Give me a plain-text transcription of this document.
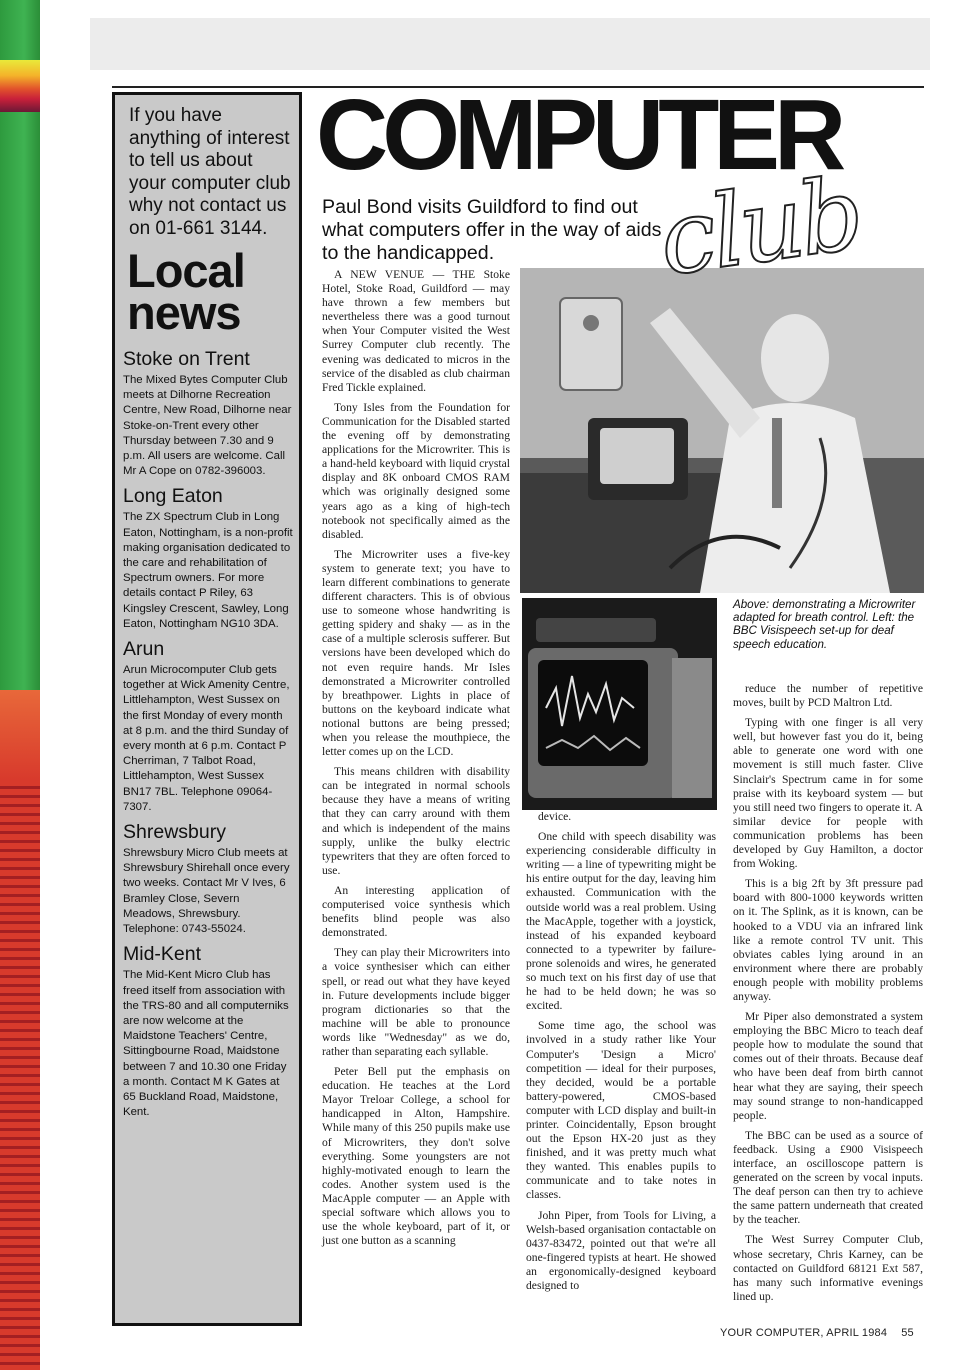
If you have anything of interest to tell us about your computer club why not contact us on 01-661 3144.
Local
news
Stoke on Trent
The Mixed Bytes Computer Club meets at Dilhorne Recreation Centre, New Road, Dilhorne near Stoke-on-Trent every other Thursday between 7.30 and 9 p.m. All users are welcome. Call Mr A Cope on 0782-396003.
Long Eaton
The ZX Spectrum Club in Long Eaton, Nottingham, is a non-profit making organisation dedicated to the care and rehabilitation of Spectrum owners. For more details contact P Riley, 63 Kingsley Crescent, Sawley, Long Eaton, Nottingham NG10 3DA.
Arun
Arun Microcomputer Club gets together at Wick Amenity Centre, Littlehampton, West Sussex on the first Monday of every month at 8 p.m. and the third Sunday of every month at 6 p.m. Contact P Cherriman, 7 Talbot Road, Littlehampton, West Sussex BN17 7BL. Telephone 09064-7307.
Shrewsbury
Shrewsbury Micro Club meets at Shrewsbury Shirehall once every two weeks. Contact Mr V Ives, 6 Bramley Close, Severn Meadows, Shrewsbury. Telephone: 0743-55024.
Mid-Kent
The Mid-Kent Micro Club has freed itself from association with the TRS-80 and all computerniks are now welcome at the Maidstone Teachers' Centre, Sittingbourne Road, Maidstone between 7 and 10.30 one Friday a month. Contact M K Gates at 65 Buckland Road, Maidstone, Kent.
COMPUTER
Paul Bond visits Guildford to find out what computers offer in the way of aids to the handicapped.	club
Above: demonstrating a Microwriter adapted for breath control. Left: the BBC Visispeech set-up for deaf speech education.

A NEW VENUE — THE Stoke Hotel, Stoke Road, Guildford — may have thrown a few members but nevertheless there was a good turnout when Your Computer visited the West Surrey Computer club recently. The evening was dedicated to micros in the service of the disabled as club chairman Fred Tickle explained.

Tony Isles from the Foundation for Communication for the Disabled started the evening off by demonstrating applications for the Microwriter. This is a hand-held keyboard with liquid crystal display and 8K onboard CMOS RAM which was originally designed some years ago as a king of high-tech notebook not specifically aimed as the disabled.

The Microwriter uses a five-key system to generate text; you have to learn different combinations to generate different characters. This is of obvious use to someone whose handwriting is getting spidery and shaky — as in the case of a multiple sclerosis sufferer. But versions have been developed which do not even require hands. Mr Isles demonstrated a Microwriter controlled by breathpower. Lights in place of buttons on the keyboard indicate what notional buttons are being pressed; when you release the mouthpiece, the letter comes up on the LCD.

This means children with disability can be integrated in normal schools because they have a means of writing that they can carry around with them and which is independent of the mains supply, unlike the bulky electric typewriters that they are often forced to use.

An interesting application of computerised voice synthesis which benefits blind people was also demonstrated.

They can play their Microwriters into a voice synthesiser which can either spell, or read out what they have keyed in. Future developments include bigger program dictionaries so that the machine will be able to pronounce words like "Wednesday" as we do, rather than separating each syllable.

Peter Bell put the emphasis on education. He teaches at the Lord Mayor Treloar College, a school for handicapped in Alton, Hampshire. While many of this 250 pupils make use of Microwriters, they don't solve everything. Some youngsters are not highly-motivated enough to learn the codes. Another system used is the MacApple computer — an Apple with special software which allows you to use the whole keyboard, part of it, or just one button as a scanning

device.

One child with speech disability was experiencing considerable difficulty in writing — a line of typewriting might be his entire output for the day, leaving him exhausted. Communication with the outside world was a real problem. Using the MacApple, together with a joystick, instead of his expanded keyboard connected to a typewriter by failure-prone solenoids and wires, he generated so much text on his first day of use that he had to be held down; he was so excited.

Some time ago, the school was involved in a study rather like Your Computer's 'Design a Micro' competition — ideal for their purposes, they decided, would be a portable battery-powered, CMOS-based computer with LCD display and built-in printer. Coincidentally, Epson brought out the Epson HX-20 just as they finished, and it was pretty much what they wanted. This enables pupils to communicate and to take notes in classes.

John Piper, from Tools for Living, a Welsh-based organisation contactable on 0437-83472, pointed out that we're all one-fingered typists at heart. He showed an ergonomically-designed keyboard designed to

reduce the number of repetitive moves, built by PCD Maltron Ltd.

Typing with one finger is all very well, but however fast you do it, being able to generate one word with one movement is still much faster. Clive Sinclair's Spectrum came in for some praise with its keyboard system — but you still need two fingers to operate it. A similar device for people with communication problems has been developed by Guy Hamilton, a doctor from Woking.

This is a big 2ft by 3ft pressure pad board with 800-1000 keywords written on it. The Splink, as it is known, can be hooked to a VDU via an infrared link like a remote control TV unit. This obviates cables lying around in an environment where there are probably enough people with mobility problems anyway.

Mr Piper also demonstrated a system employing the BBC Micro to teach deaf people how to modulate the sound that comes out of their throats. Because deaf who have been deaf from birth cannot hear what they are saying, their speech may sound strange to non-handicapped people.

The BBC can be used as a source of feedback. Using a £900 Visispeech interface, an oscilloscope pattern is generated on the screen by vocal inputs. The deaf person can then try to achieve the same pattern underneath that created by the teacher.

The West Surrey Computer Club, whose secretary, Chris Karney, can be contacted on Guildford 68121 Ext 587, has many such informative evenings lined up.

YOUR COMPUTER, APRIL 1984 55
